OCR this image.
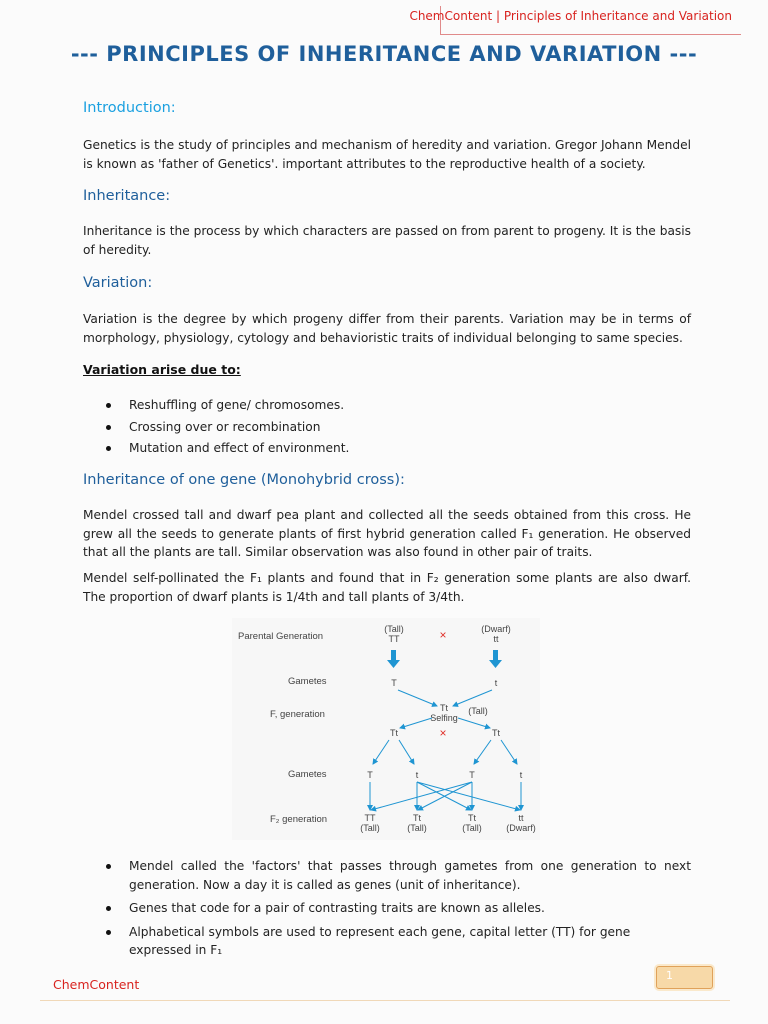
ChemContent | Principles of Inheritance and Variation
--- PRINCIPLES OF INHERITANCE AND VARIATION ---
Introduction:

Genetics is the study of principles and mechanism of heredity and variation. Gregor Johann Mendel is known as 'father of Genetics'. important attributes to the reproductive health of a society.

Inheritance:

Inheritance is the process by which characters are passed on from parent to progeny. It is the basis of heredity.

Variation:

Variation is the degree by which progeny differ from their parents. Variation may be in terms of morphology, physiology, cytology and behavioristic traits of individual belonging to same species.

Variation arise due to:
Reshuffling of gene/ chromosomes.
Crossing over or recombination
Mutation and effect of environment.
Inheritance of one gene (Monohybrid cross):

Mendel crossed tall and dwarf pea plant and collected all the seeds obtained from this cross. He grew all the seeds to generate plants of first hybrid generation called F₁ generation. He observed that all the plants are tall. Similar observation was also found in other pair of traits.

Mendel self-pollinated the F₁ plants and found that in F₂ generation some plants are also dwarf. The proportion of dwarf plants is 1/4th and tall plants of 3/4th.

Parental Generation
Gametes
F, generation
Gametes
F₂ generation
(Tall)
TT
(Dwarf)
tt
×
T	t
Tt (Tall)
Selfing
Tt	Tt
×
T	t	T	t
TT
(Tall)
Tt
(Tall)
Tt
(Tall)
tt
(Dwarf)
Mendel called the 'factors' that passes through gametes from one generation to next generation. Now a day it is called as genes (unit of inheritance).
Genes that code for a pair of contrasting traits are known as alleles.
Alphabetical symbols are used to represent each gene, capital letter (TT) for gene expressed in F₁
ChemContent
1
